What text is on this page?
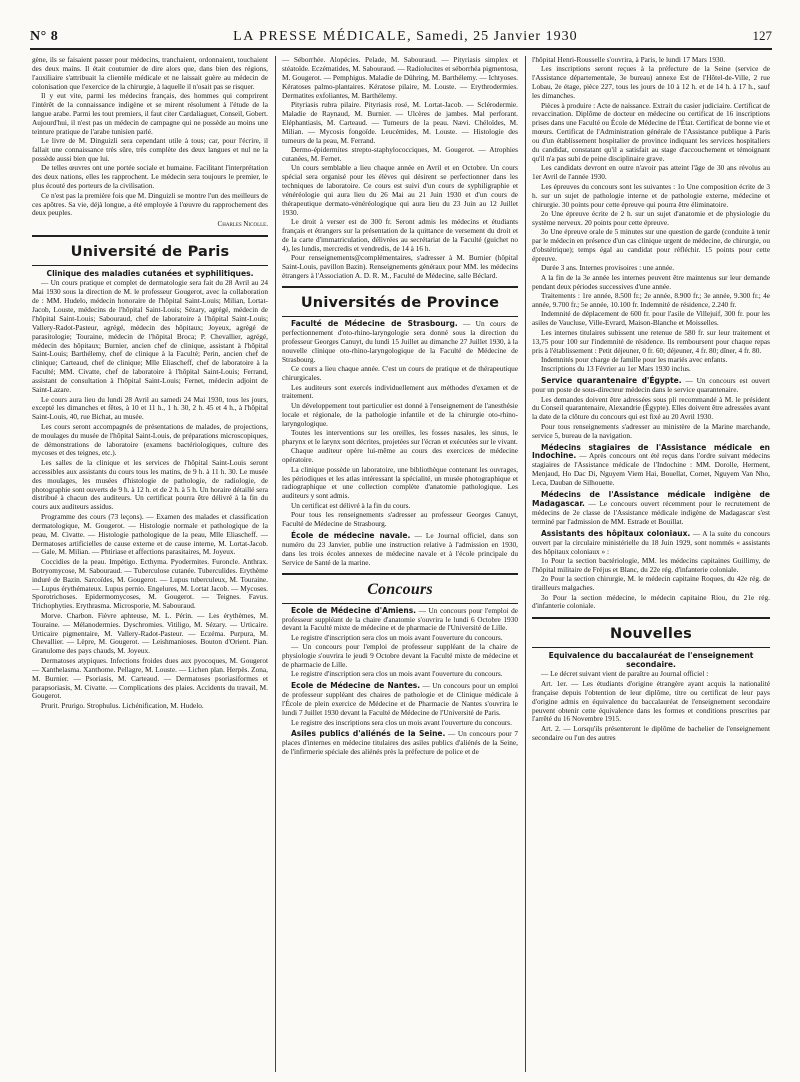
N° 8	LA PRESSE MÉDICALE, Samedi, 25 Janvier 1930	127

gène, ils se faisaient passer pour médecins, tranchaient, ordonnaient, touchaient des deux mains. Il était coutumier de dire alors que, dans bien des régions, l'auxiliaire s'attribuait la clientèle médicale et ne laissait guère au médecin de colonisation que l'exercice de la chirurgie, à laquelle il n'osait pas se risquer.

Il y eut vite, parmi les médecins français, des hommes qui comprirent l'intérêt de la connaissance indigène et se mirent résolument à l'étude de la langue arabe. Parmi les tout premiers, il faut citer Cardaliaguet, Conseil, Gobert. Aujourd'hui, il n'est pas un médecin de campagne qui ne possède au moins une teinture pratique de l'arabe tunisien parlé.

Le livre de M. Dinguizli sera cependant utile à tous; car, pour l'écrire, il fallait une connaissance très sûre, très complète des deux langues et nul ne la possède aussi bien que lui.

De telles œuvres ont une portée sociale et humaine. Facilitant l'interprétation des deux nations, elles les rapprochent. Le médecin sera toujours le premier, le plus écouté des porteurs de la civilisation.

Ce n'est pas la première fois que M. Dinguizli se montre l'un des meilleurs de ces apôtres. Sa vie, déjà longue, a été employée à l'œuvre du rapprochement des deux peuples.

Charles Nicolle.
Université de Paris
Clinique des maladies cutanées et syphilitiques.

— Un cours pratique et complet de dermatologie sera fait du 28 Avril au 24 Mai 1930 sous la direction de M. le professeur Gougerot, avec la collaboration de : MM. Hudelo, médecin honoraire de l'hôpital Saint-Louis; Milian, Lortat-Jacob, Louste, médecins de l'hôpital Saint-Louis; Sézary, agrégé, médecin de l'hôpital Saint-Louis; Sabouraud, chef de laboratoire à l'hôpital Saint-Louis; Vallery-Radot-Pasteur, agrégé, médecin des hôpitaux; Joyeux, agrégé de parasitologie; Touraine, médecin de l'hôpital Broca; P. Chevallier, agrégé, médecin des hôpitaux; Burnier, ancien chef de clinique, assistant à l'hôpital Saint-Louis; Barthélemy, chef de clinique à la Faculté; Perin, ancien chef de clinique; Carteaud, chef de clinique; Mlle Eliascheff, chef de laboratoire à la Faculté; MM. Civatte, chef de laboratoire à l'hôpital Saint-Louis; Ferrand, assistant de consultation à l'hôpital Saint-Louis; Fernet, médecin adjoint de Saint-Lazare.

Le cours aura lieu du lundi 28 Avril au samedi 24 Mai 1930, tous les jours, excepté les dimanches et fêtes, à 10 et 11 h., 1 h. 30, 2 h. 45 et 4 h., à l'hôpital Saint-Louis, 40, rue Bichat, au musée.

Les cours seront accompagnés de présentations de malades, de projections, de moulages du musée de l'hôpital Saint-Louis, de préparations microscopiques, de démonstrations de laboratoire (examens bactériologiques, culture des mycoses et des teignes, etc.).

Les salles de la clinique et les services de l'hôpital Saint-Louis seront accessibles aux assistants du cours tous les matins, de 9 h. à 11 h. 30. Le musée des moulages, les musées d'histologie de pathologie, de radiologie, de photographie sont ouverts de 9 h. à 12 h. et de 2 h. à 5 h. Un horaire détaillé sera distribué à chacun des auditeurs. Un certificat pourra être délivré à la fin du cours aux auditeurs assidus.

Programme des cours (73 leçons). — Examen des malades et classification dermatologique, M. Gougerot. — Histologie normale et pathologique de la peau, M. Civatte. — Histologie pathologique de la peau, Mlle Eliascheff. — Dermatoses artificielles de cause externe et de cause interne, M. Lortat-Jacob. — Gale, M. Milian. — Phtiriase et affections parasitaires, M. Joyeux.

Coccidies de la peau. Impétigo. Ecthyma. Pyodermites. Furoncle. Anthrax. Botryomycose, M. Sabouraud. — Tuberculose cutanée. Tuberculides. Erythème induré de Bazin. Sarcoïdes, M. Gougerot. — Lupus tuberculeux, M. Touraine. — Lupus érythémateux. Lupus pernio. Engelures, M. Lortat Jacob. — Mycoses. Sporotrichoses. Epidermomycoses, M. Gougerot. — Teignes. Favus. Trichophyties. Erythrasma. Microsporie, M. Sabouraud.

Morve. Charbon. Fièvre aphteuse, M. L. Périn. — Les érythèmes, M. Touraine. — Mélanodermies. Dyschromies. Vitiligo, M. Sézary. — Urticaire. Urticaire pigmentaire, M. Vallery-Radot-Pasteur. — Eczéma. Purpura, M. Chevallier. — Lèpre, M. Gougerot. — Leishmanioses. Bouton d'Orient. Pian. Granulome des pays chauds, M. Joyeux.

Dermatoses atypiques. Infections froides dues aux pyocoques, M. Gougerot — Xanthelasma. Xanthome. Pellagre, M. Louste. — Lichen plan. Herpès. Zona, M. Burnier. — Psoriasis, M. Carteaud. — Dermatoses psoriasiformes et parapsoriasis, M. Civatte. — Complications des plaies. Accidents du travail, M. Gougerot.

Prurit. Prurigo. Strophulus. Lichénification, M. Hudelo.

— Séborrhée. Alopécies. Pelade, M. Sabouraud. — Pityriasis simplex et stéatoïde. Eczématides, M. Sabouraud. — Radiolucites et séborrhéa pigmentosa, M. Gougerot. — Pemphigus. Maladie de Dühring, M. Barthélemy. — Ichtyoses. Kératoses palmo-plantaires. Kératose pilaire, M. Louste. — Erythrodermies. Dermatites exfoliantes, M. Barthélemy.

Pityriasis rubra pilaire. Pityriasis rosé, M. Lortat-Jacob. — Sclérodermie. Maladie de Raynaud, M. Burnier. — Ulcères de jambes. Mal perforant. Eléphantiasis, M. Carteaud. — Tumeurs de la peau. Nævi. Chéloïdes, M. Milian. — Mycosis fongoïde. Leucémides, M. Louste. — Histologie des tumeurs de la peau, M. Ferrand.

Dermo-épidermites strepto-staphylococciques, M. Gougerot. — Atrophies cutanées, M. Fernet.

Un cours semblable a lieu chaque année en Avril et en Octobre. Un cours spécial sera organisé pour les élèves qui désirent se perfectionner dans les techniques de laboratoire. Ce cours est suivi d'un cours de syphiligraphie et vénéréologie qui aura lieu du 26 Mai au 21 Juin 1930 et d'un cours de thérapeutique dermato-vénéréologique qui aura lieu du 23 Juin au 12 Juillet 1930.

Le droit à verser est de 300 fr. Seront admis les médecins et étudiants français et étrangers sur la présentation de la quittance de versement du droit et de la carte d'immatriculation, délivrées au secrétariat de la Faculté (guichet no 4), les lundis, mercredis et vendredis, de 14 à 16 h.

Pour renseignements@complémentaires, s'adresser à M. Burnier (hôpital Saint-Louis, pavillon Bazin). Renseignements généraux pour MM. les médecins étrangers à l'Association A. D. R. M., Faculté de Médecine, salle Béclard.

Universités de Province

Faculté de Médecine de Strasbourg. — Un cours de perfectionnement d'oto-rhino-laryngologie sera donné sous la direction du professeur Georges Canuyt, du lundi 15 Juillet au dimanche 27 Juillet 1930, à la nouvelle clinique oto-rhino-laryngologique de la Faculté de Médecine de Strasbourg.

Ce cours a lieu chaque année. C'est un cours de pratique et de thérapeutique chirurgicales.

Les auditeurs sont exercés individuellement aux méthodes d'examen et de traitement.

Un développement tout particulier est donné à l'enseignement de l'anesthésie locale et régionale, de la pathologie infantile et de la chirurgie oto-rhino-laryngologique.

Toutes les interventions sur les oreilles, les fosses nasales, les sinus, le pharynx et le larynx sont décrites, projetées sur l'écran et exécutées sur le vivant.

Chaque auditeur opère lui-même au cours des exercices de médecine opératoire.

La clinique possède un laboratoire, une bibliothèque contenant les ouvrages, les périodiques et les atlas intéressant la spécialité, un musée photographique et radiographique et une collection complète d'anatomie pathologique. Les auditeurs y sont admis.

Un certificat est délivré à la fin du cours.

Pour tous les renseignements s'adresser au professeur Georges Canuyt, Faculté de Médecine de Strasbourg.

École de médecine navale. — Le Journal officiel, dans son numéro du 23 Janvier, publie une instruction relative à l'admission en 1930, dans les trois écoles annexes de médecine navale et à l'école principale du Service de Santé de la marine.

Concours

Ecole de Médecine d'Amiens. — Un concours pour l'emploi de professeur suppléant de la chaire d'anatomie s'ouvrira le lundi 6 Octobre 1930 devant la Faculté mixte de médecine et de pharmacie de l'Université de Lille.

Le registre d'inscription sera clos un mois avant l'ouverture du concours.

— Un concours pour l'emploi de professeur suppléant de la chaire de physiologie s'ouvrira le jeudi 9 Octobre devant la Faculté mixte de médecine et de pharmacie de Lille.

Le registre d'inscription sera clos un mois avant l'ouverture du concours.

Ecole de Médecine de Nantes. — Un concours pour un emploi de professeur suppléant des chaires de pathologie et de Clinique médicale à l'École de plein exercice de Médecine et de Pharmacie de Nantes s'ouvrira le lundi 7 Juillet 1930 devant la Faculté de Médecine de l'Université de Paris.

Le registre des inscriptions sera clos un mois avant l'ouverture du concours.

Asiles publics d'aliénés de la Seine. — Un concours pour 7 places d'internes en médecine titulaires des asiles publics d'aliénés de la Seine, de l'infirmerie spéciale des aliénés près la préfecture de police et de

l'hôpital Henri-Rousselle s'ouvrira, à Paris, le lundi 17 Mars 1930.

Les inscriptions seront reçues à la préfecture de la Seine (service de l'Assistance départementale, 3e bureau) annexe Est de l'Hôtel-de-Ville, 2 rue Lobau, 2e étage, pièce 227, tous les jours de 10 à 12 h. et de 14 h. à 17 h., sauf les dimanches.

Pièces à produire : Acte de naissance. Extrait du casier judiciaire. Certificat de revaccination. Diplôme de docteur en médecine ou certificat de 16 inscriptions prises dans une Faculté ou École de Médecine de l'État. Certificat de bonne vie et mœurs. Certificat de l'Administration générale de l'Assistance publique à Paris ou d'un établissement hospitalier de province indiquant les services hospitaliers du candidat, constatant qu'il a satisfait au stage d'accouchement et témoignant qu'il n'a pas subi de peine disciplinaire grave.

Les candidats devront en outre n'avoir pas atteint l'âge de 30 ans révolus au 1er Avril de l'année 1930.

Les épreuves du concours sont les suivantes : 1o Une composition écrite de 3 h. sur un sujet de pathologie interne et de pathologie externe, médecine et chirurgie. 30 points pour cette épreuve qui pourra être éliminatoire.

2o Une épreuve écrite de 2 h. sur un sujet d'anatomie et de physiologie du système nerveux. 20 points pour cette épreuve.

3o Une épreuve orale de 5 minutes sur une question de garde (conduite à tenir par le médecin en présence d'un cas clinique urgent de médecine, de chirurgie, ou d'obstétrique); temps égal au candidat pour réfléchir. 15 points pour cette épreuve.

Durée 3 ans. Internes provisoires : une année.

A la fin de la 3e année les internes peuvent être maintenus sur leur demande pendant deux périodes successives d'une année.

Traitements : 1re année, 8.500 fr.; 2e année, 8.900 fr.; 3e année, 9.300 fr.; 4e année, 9.700 fr.; 5e année, 10.100 fr. Indemnité de résidence, 2.240 fr.

Indemnité de déplacement de 600 fr. pour l'asile de Villejuif, 300 fr. pour les asiles de Vaucluse, Ville-Evrard, Maison-Blanche et Moisselles.

Les internes titulaires subissent une retenue de 580 fr. sur leur traitement et 13,75 pour 100 sur l'indemnité de résidence. Ils remboursent pour chaque repas pris à l'établissement : Petit déjeuner, 0 fr. 60; déjeuner, 4 fr. 80; dîner, 4 fr. 80.

Indemnités pour charge de famille pour les mariés avec enfants.

Inscriptions du 13 Février au 1er Mars 1930 inclus.

Service quarantenaire d'Égypte. — Un concours est ouvert pour un poste de sous-directeur médecin dans le service quarantenaire.

Les demandes doivent être adressées sous pli recommandé à M. le président du Conseil quarantenaire, Alexandrie (Égypte). Elles doivent être adressées avant la date de la clôture du concours qui est fixé au 20 Avril 1930.

Pour tous renseignements s'adresser au ministère de la Marine marchande, service 5, bureau de la navigation.

Médecins stagiaires de l'Assistance médicale en Indochine. — Après concours ont été reçus dans l'ordre suivant médecins stagiaires de l'Assistance médicale de l'Indochine : MM. Dorolle, Herment, Menjaud, Ho Dac Di, Nguyem Viem Hai, Bouellat, Cornet, Nguyem Van Nho, Leca, Dauban de Silhouette.

Médecins de l'Assistance médicale indigène de Madagascar. — Le concours ouvert récemment pour le recrutement de médecins de 2e classe de l'Assistance médicale indigène de Madagascar s'est terminé par l'admission de MM. Estrade et Bouillat.

Assistants des hôpitaux coloniaux. — A la suite du concours ouvert par la circulaire ministérielle du 18 Juin 1929, sont nommés « assistants des hôpitaux coloniaux » :

1o Pour la section bactériologie, MM. les médecins capitaines Guillimy, de l'hôpital militaire de Fréjus et Blanc, du 22e rég. d'infanterie coloniale.

2o Pour la section chirurgie, M. le médecin capitaine Roques, du 42e rég. de tirailleurs malgaches.

3o Pour la section médecine, le médecin capitaine Riou, du 21e rég. d'infanterie coloniale.

Nouvelles
Equivalence du baccalauréat de l'enseignement secondaire.

— Le décret suivant vient de paraître au Journal officiel :

Art. 1er. — Les étudiants d'origine étrangère ayant acquis la nationalité française depuis l'obtention de leur diplôme, titre ou certificat de leur pays d'origine admis en équivalence du baccalauréat de l'enseignement secondaire peuvent obtenir cette équivalence dans les formes et conditions prescrites par l'arrêté du 16 Novembre 1915.

Art. 2. — Lorsqu'ils présenteront le diplôme de bachelier de l'enseignement secondaire ou l'un des autres
